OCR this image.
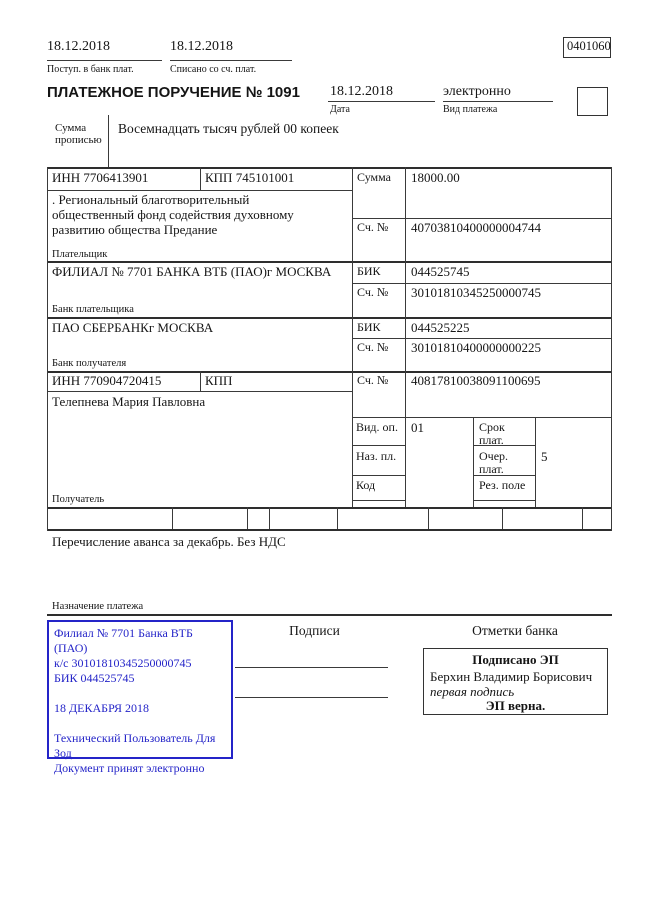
18.12.2018
Поступ. в банк плат.
18.12.2018
Списано со сч. плат.
0401060
ПЛАТЕЖНОЕ ПОРУЧЕНИЕ № 1091 18.12.2018
Дата
электронно
Вид платежа
Сумма прописью
Восемнадцать тысяч рублей 00 копеек
ИНН 7706413901	КПП 745101001	Сумма 18000.00
. Региональный благотворительный
общественный фонд содействия духовному
развитию общества Предание	Сч. № 40703810400000004744
Плательщик
ФИЛИАЛ № 7701 БАНКА ВТБ (ПАО)г МОСКВА БИК 044525745
Сч. № 30101810345250000745
Банк плательщика
ПАО СБЕРБАНКг МОСКВА	БИК 044525225
Сч. № 30101810400000000225
Банк получателя
ИНН 770904720415	КПП	Сч. № 40817810038091100695
Телепнева Мария Павловна
Вид. оп. 01	Срок плат.
Наз. пл.	Очер. плат.
5
Код	Рез. поле
Получатель
Перечисление аванса за декабрь. Без НДС
Назначение платежа
Филиал № 7701 Банка ВТБ (ПАО)
к/с 30101810345250000745
БИК 044525745
18 ДЕКАБРЯ 2018
Технический Пользователь Для Зод
Документ принят электронно
Подписи	Отметки банка
Подписано ЭП
Берхин Владимир Борисович
первая подпись
ЭП верна.
